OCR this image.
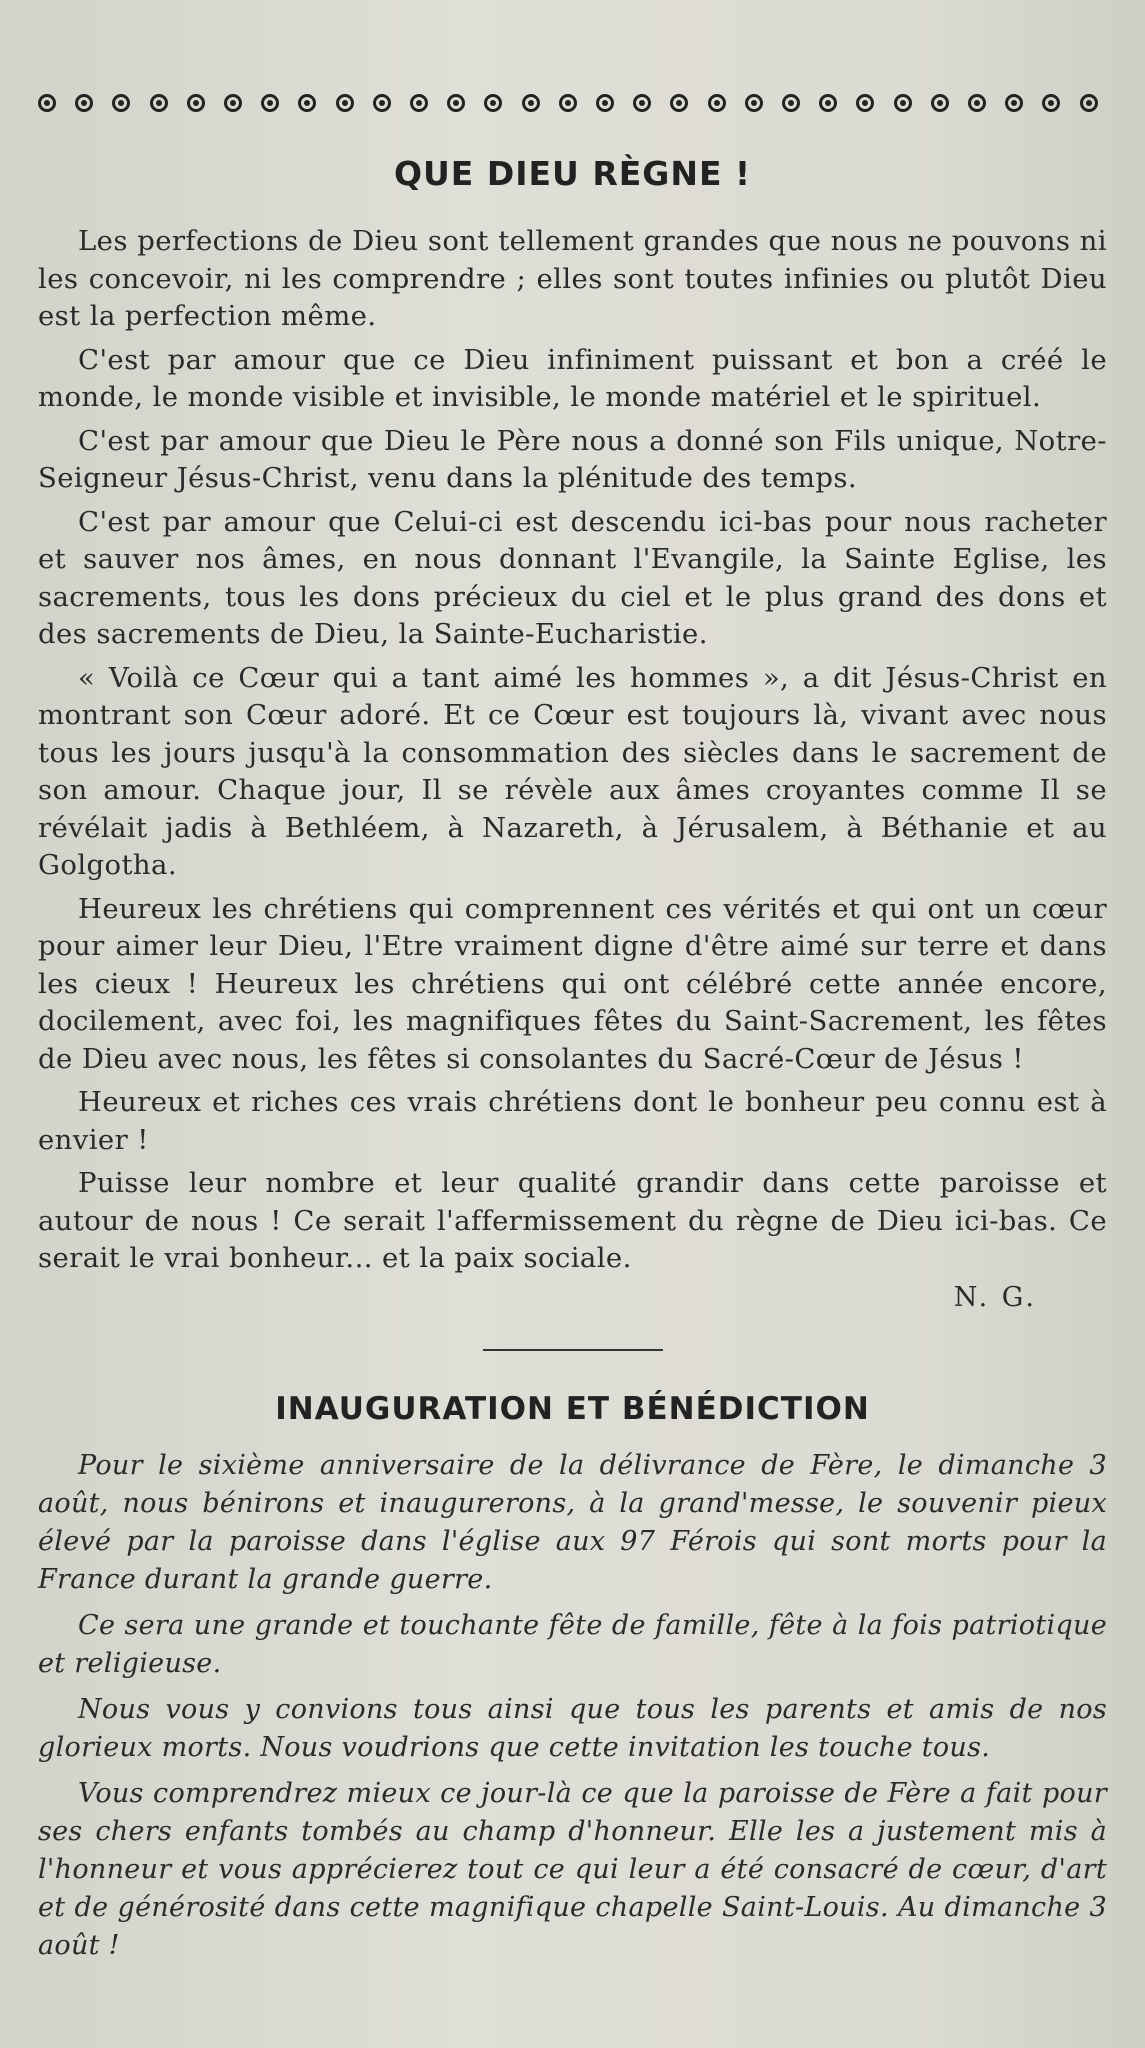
QUE DIEU RÈGNE !

Les perfections de Dieu sont tellement grandes que nous ne pouvons ni les concevoir, ni les comprendre ; elles sont toutes infinies ou plutôt Dieu est la perfection même.

C'est par amour que ce Dieu infiniment puissant et bon a créé le monde, le monde visible et invisible, le monde matériel et le spirituel.

C'est par amour que Dieu le Père nous a donné son Fils unique, Notre-Seigneur Jésus-Christ, venu dans la plénitude des temps.

C'est par amour que Celui-ci est descendu ici-bas pour nous racheter et sauver nos âmes, en nous donnant l'Evangile, la Sainte Eglise, les sacrements, tous les dons précieux du ciel et le plus grand des dons et des sacrements de Dieu, la Sainte-Eucharistie.

« Voilà ce Cœur qui a tant aimé les hommes », a dit Jésus-Christ en montrant son Cœur adoré. Et ce Cœur est toujours là, vivant avec nous tous les jours jusqu'à la consommation des siècles dans le sacrement de son amour. Chaque jour, Il se révèle aux âmes croyantes comme Il se révélait jadis à Bethléem, à Nazareth, à Jérusalem, à Béthanie et au Golgotha.

Heureux les chrétiens qui comprennent ces vérités et qui ont un cœur pour aimer leur Dieu, l'Etre vraiment digne d'être aimé sur terre et dans les cieux ! Heureux les chrétiens qui ont célébré cette année encore, docilement, avec foi, les magnifiques fêtes du Saint-Sacrement, les fêtes de Dieu avec nous, les fêtes si consolantes du Sacré-Cœur de Jésus !

Heureux et riches ces vrais chrétiens dont le bonheur peu connu est à envier !

Puisse leur nombre et leur qualité grandir dans cette paroisse et autour de nous ! Ce serait l'affermissement du règne de Dieu ici-bas. Ce serait le vrai bonheur... et la paix sociale.

N. G.
INAUGURATION ET BÉNÉDICTION

Pour le sixième anniversaire de la délivrance de Fère, le dimanche 3 août, nous bénirons et inaugurerons, à la grand'messe, le souvenir pieux élevé par la paroisse dans l'église aux 97 Férois qui sont morts pour la France durant la grande guerre.

Ce sera une grande et touchante fête de famille, fête à la fois patriotique et religieuse.

Nous vous y convions tous ainsi que tous les parents et amis de nos glorieux morts. Nous voudrions que cette invitation les touche tous.

Vous comprendrez mieux ce jour-là ce que la paroisse de Fère a fait pour ses chers enfants tombés au champ d'honneur. Elle les a justement mis à l'honneur et vous apprécierez tout ce qui leur a été consacré de cœur, d'art et de générosité dans cette magnifique chapelle Saint-Louis. Au dimanche 3 août !
